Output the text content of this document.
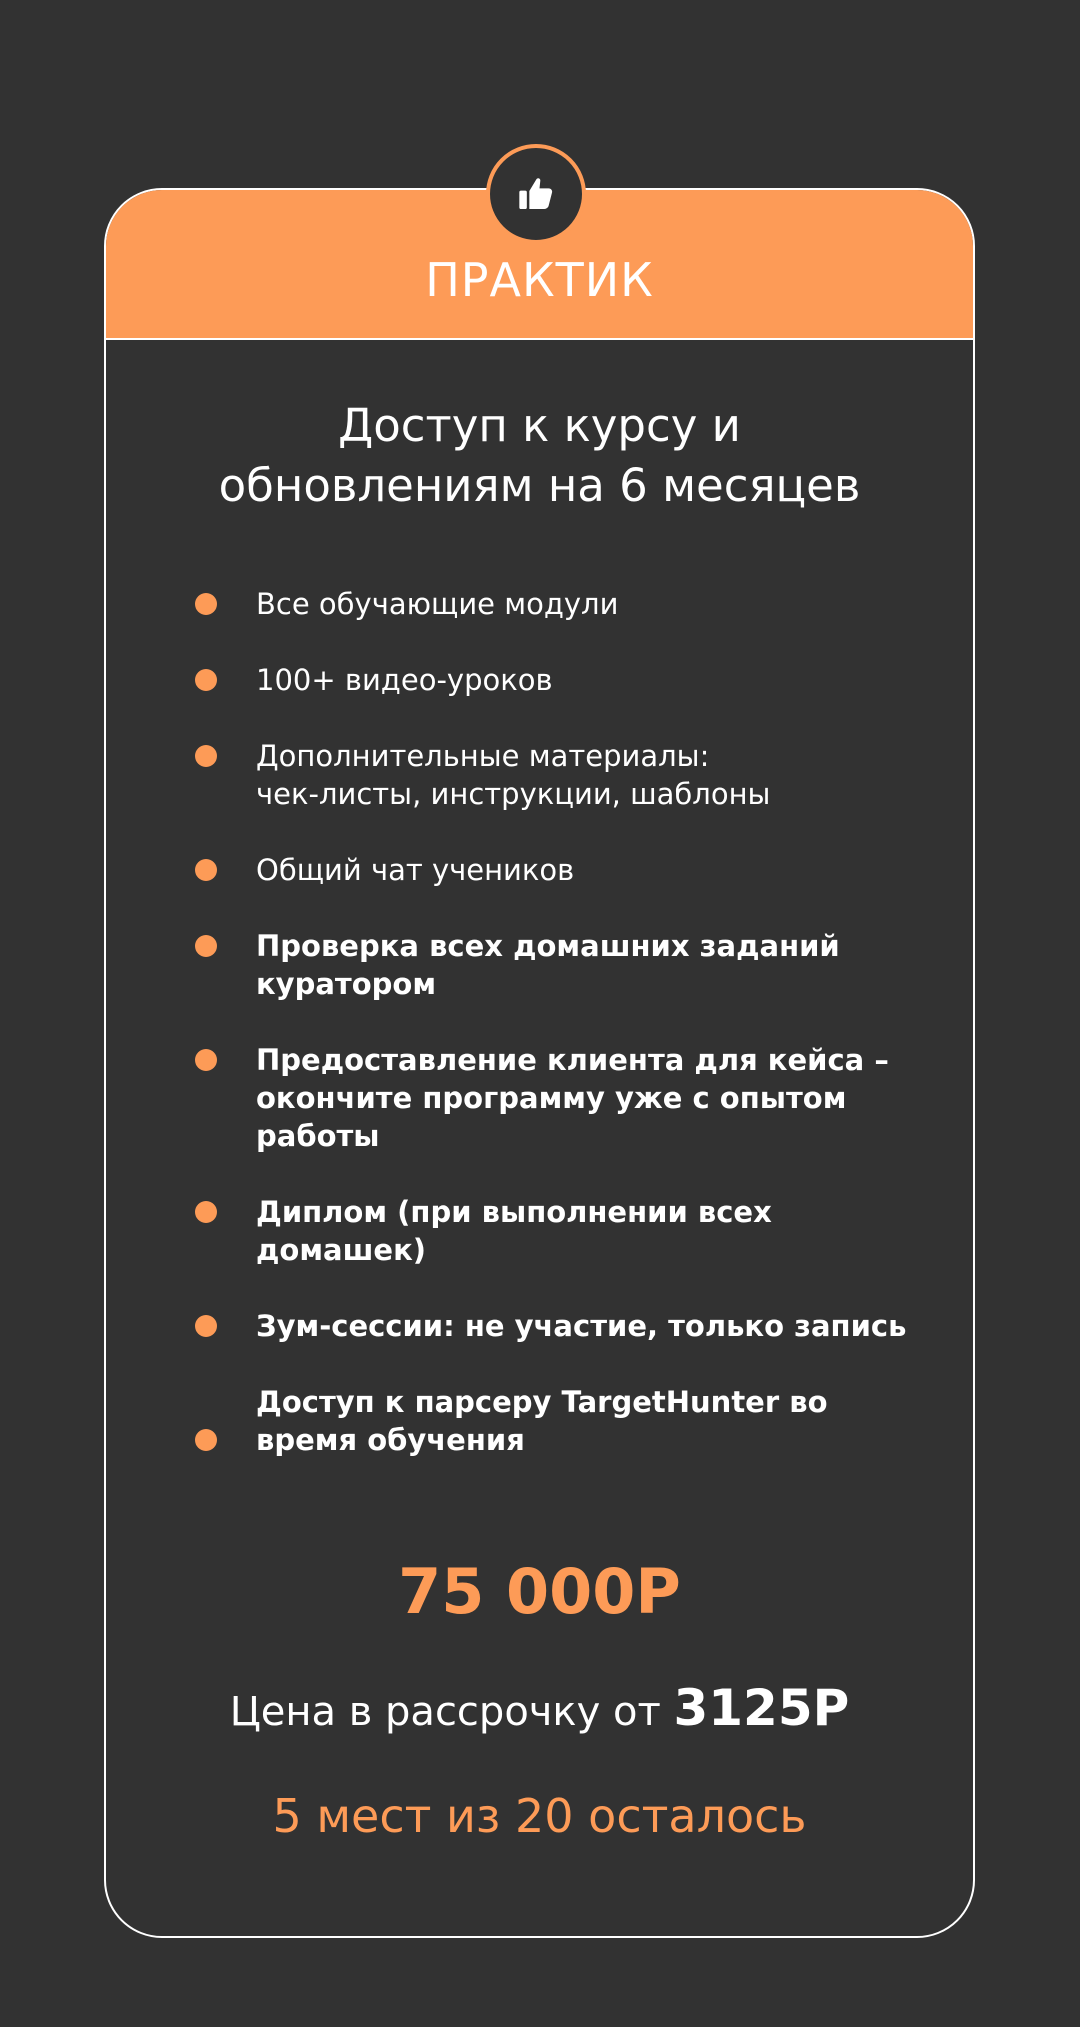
ПРАКТИК
Доступ к курсу и
обновлениям на 6 месяцев
Все обучающие модули
100+ видео-уроков
Дополнительные материалы:
чек-листы, инструкции, шаблоны
Общий чат учеников
Проверка всех домашних заданий
куратором
Предоставление клиента для кейса –
окончите программу уже с опытом
работы
Диплом (при выполнении всех
домашек)
Зум-сессии: не участие, только запись
Доступ к парсеру TargetHunter во
время обучения
75 000Р
Цена в рассрочку от 3125Р
5 мест из 20 осталось
